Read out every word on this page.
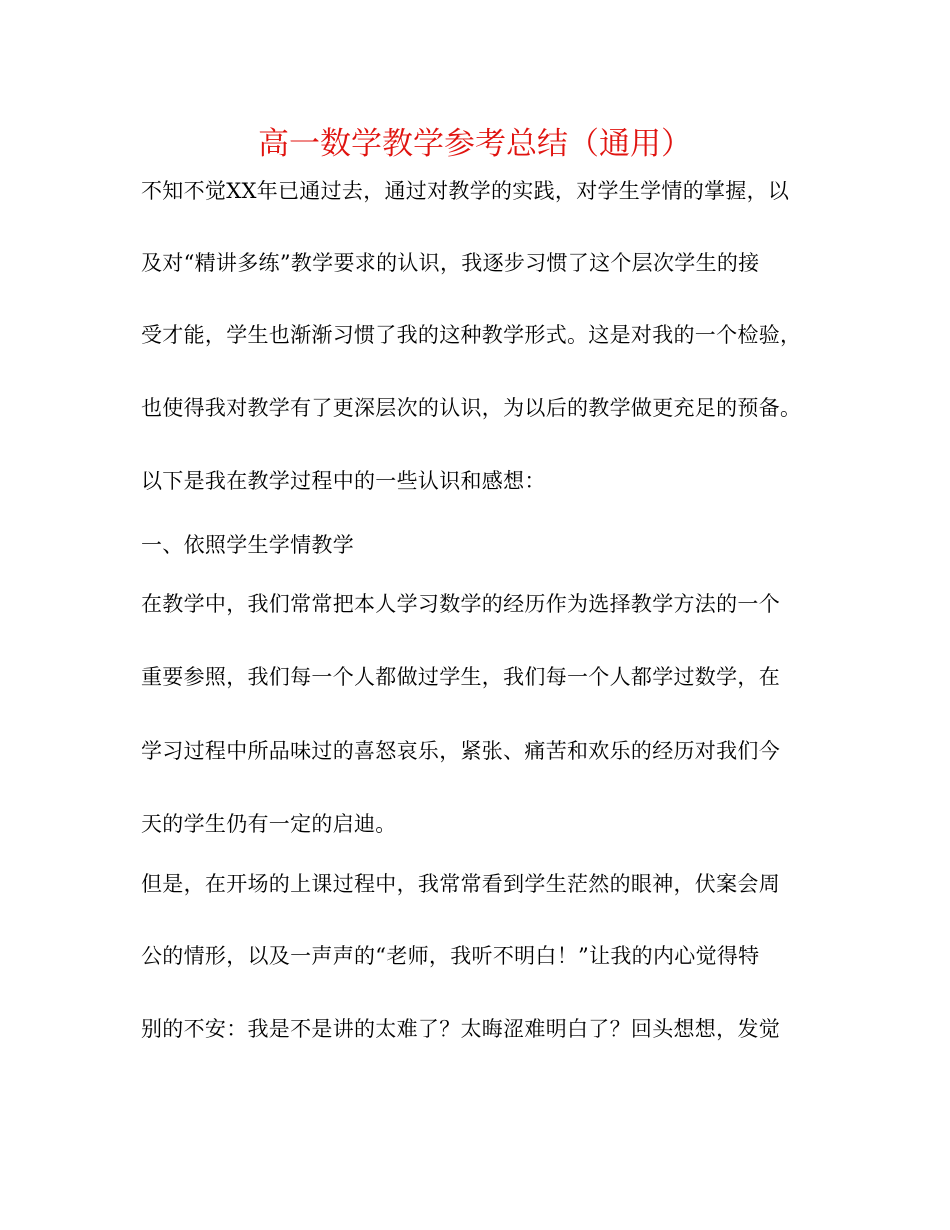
高一数学教学参考总结（通用）
不知不觉XX年已通过去，通过对教学的实践，对学生学情的掌握，以
及对“精讲多练”教学要求的认识，我逐步习惯了这个层次学生的接
受才能，学生也渐渐习惯了我的这种教学形式。这是对我的一个检验，
也使得我对教学有了更深层次的认识，为以后的教学做更充足的预备。
以下是我在教学过程中的一些认识和感想：
一、依照学生学情教学
在教学中，我们常常把本人学习数学的经历作为选择教学方法的一个
重要参照，我们每一个人都做过学生，我们每一个人都学过数学，在
学习过程中所品味过的喜怒哀乐，紧张、痛苦和欢乐的经历对我们今
天的学生仍有一定的启迪。
但是，在开场的上课过程中，我常常看到学生茫然的眼神，伏案会周
公的情形，以及一声声的“老师，我听不明白！”让我的内心觉得特
别的不安：我是不是讲的太难了？太晦涩难明白了？回头想想，发觉
